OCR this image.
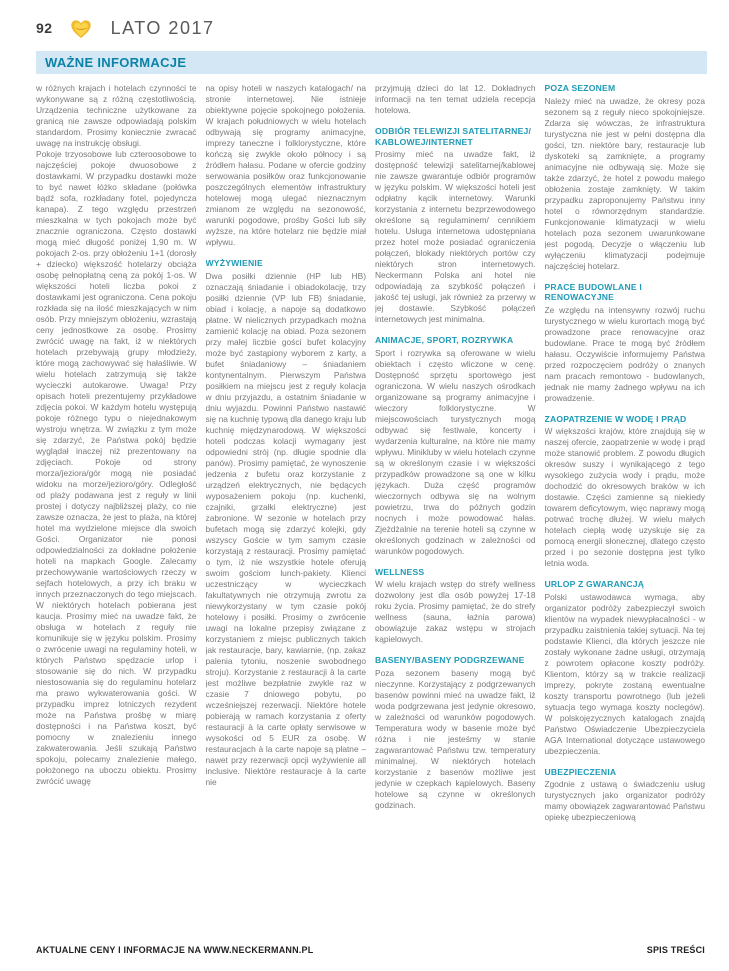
92	LATO 2017
WAŻNE INFORMACJE

w różnych krajach i hotelach czynności te wykonywane są z różną częstotliwością. Urządzenia techniczne użytkowane za granicą nie zawsze odpowiadają polskim standardom. Prosimy koniecznie zwracać uwagę na instrukcję obsługi.

Pokoje trzyosobowe lub czteroosobowe to najczęściej pokoje dwuosobowe z dostawkami. W przypadku dostawki może to być nawet łóżko składane (połówka bądź sofa, rozkładany fotel, pojedyncza kanapa). Z tego względu przestrzeń mieszkalna w tych pokojach może być znacznie ograniczona. Często dostawki mogą mieć długość poniżej 1,90 m. W pokojach 2-os. przy obłożeniu 1+1 (dorosły + dziecko) większość hotelarzy obciąża osobę pełnopłatną ceną za pokój 1-os. W większości hoteli liczba pokoi z dostawkami jest ograniczona. Cena pokoju rozkłada się na ilość mieszkających w nim osób. Przy mniejszym obłożeniu, wzrastają ceny jednostkowe za osobę. Prosimy zwrócić uwagę na fakt, iż w niektórych hotelach przebywają grupy młodzieży, które mogą zachowywać się hałaśliwie. W wielu hotelach zatrzymują się także wycieczki autokarowe. Uwaga! Przy opisach hoteli prezentujemy przykładowe zdjęcia pokoi. W każdym hotelu występują pokoje różnego typu o niejednakowym wystroju wnętrza. W związku z tym może się zdarzyć, że Państwa pokój będzie wyglądał inaczej niż prezentowany na zdjęciach. Pokoje od strony morza/jeziora/gór mogą nie posiadać widoku na morze/jezioro/góry. Odległość od plaży podawana jest z reguły w linii prostej i dotyczy najbliższej plaży, co nie zawsze oznacza, że jest to plaża, na której hotel ma wydzielone miejsce dla swoich Gości. Organizator nie ponosi odpowiedzialności za dokładne położenie hoteli na mapkach Google. Zalecamy przechowywanie wartościowych rzeczy w sejfach hotelowych, a przy ich braku w innych przeznaczonych do tego miejscach. W niektórych hotelach pobierana jest kaucja. Prosimy mieć na uwadze fakt, że obsługa w hotelach z reguły nie komunikuje się w języku polskim. Prosimy o zwrócenie uwagi na regulaminy hoteli, w których Państwo spędzacie urlop i stosowanie się do nich. W przypadku niestosowania się do regulaminu hotelarz ma prawo wykwaterowania gości. W przypadku imprez lotniczych rezydent może na Państwa prośbę w miarę dostępności i na Państwa koszt, być pomocny w znalezieniu innego zakwaterowania. Jeśli szukają Państwo spokoju, polecamy znalezienie małego, położonego na uboczu obiektu. Prosimy zwrócić uwagę

na opisy hoteli w naszych katalogach/ na stronie internetowej. Nie istnieje obiektywne pojęcie spokojnego położenia. W krajach południowych w wielu hotelach odbywają się programy animacyjne, imprezy taneczne i folklorystyczne, które kończą się zwykle około północy i są źródłem hałasu. Podane w ofercie godziny serwowania posiłków oraz funkcjonowanie poszczególnych elementów infrastruktury hotelowej mogą ulegać nieznacznym zmianom ze względu na sezonowość, warunki pogodowe, prośby Gości lub siły wyższe, na które hotelarz nie będzie miał wpływu.

WYŻYWIENIE

Dwa posiłki dziennie (HP lub HB) oznaczają śniadanie i obiadokolację, trzy posiłki dziennie (VP lub FB) śniadanie, obiad i kolację, a napoje są dodatkowo płatne. W nielicznych przypadkach można zamienić kolację na obiad. Poza sezonem przy małej liczbie gości bufet kolacyjny może być zastąpiony wyborem z karty, a bufet śniadaniowy – śniadaniem kontynentalnym. Pierwszym Państwa posiłkiem na miejscu jest z reguły kolacja w dniu przyjazdu, a ostatnim śniadanie w dniu wyjazdu. Powinni Państwo nastawić się na kuchnię typową dla danego kraju lub kuchnię międzynarodową. W większości hoteli podczas kolacji wymagany jest odpowiedni strój (np. długie spodnie dla panów). Prosimy pamiętać, że wynoszenie jedzenia z bufetu oraz korzystanie z urządzeń elektrycznych, nie będących wyposażeniem pokoju (np. kuchenki, czajniki, grzałki elektryczne) jest zabronione. W sezonie w hotelach przy bufetach mogą się zdarzyć kolejki, gdy wszyscy Goście w tym samym czasie korzystają z restauracji. Prosimy pamiętać o tym, iż nie wszystkie hotele oferują swoim gościom lunch-pakiety. Klienci uczestniczący w wycieczkach fakultatywnych nie otrzymują zwrotu za niewykorzystany w tym czasie pokój hotelowy i posiłki. Prosimy o zwrócenie uwagi na lokalne przepisy związane z korzystaniem z miejsc publicznych takich jak restauracje, bary, kawiarnie, (np. zakaz palenia tytoniu, noszenie swobodnego stroju). Korzystanie z restauracji à la carte jest możliwe bezpłatnie zwykle raz w czasie 7 dniowego pobytu, po wcześniejszej rezerwacji. Niektóre hotele pobierają w ramach korzystania z oferty restauracji à la carte opłaty serwisowe w wysokości od 5 EUR za osobę. W restauracjach à la carte napoje są płatne – nawet przy rezerwacji opcji wyżywienie all inclusive. Niektóre restauracje à la carte nie

przyjmują dzieci do lat 12. Dokładnych informacji na ten temat udziela recepcja hotelowa.

ODBIÓR TELEWIZJI SATELITARNEJ/ KABLOWEJ/INTERNET

Prosimy mieć na uwadze fakt, iż dostępność telewizji satelitarnej/kablowej nie zawsze gwarantuje odbiór programów w języku polskim. W większości hoteli jest odpłatny kącik internetowy. Warunki korzystania z internetu bezprzewodowego określone są regulaminem/ cennikiem hotelu. Usługa internetowa udostępniana przez hotel może posiadać ograniczenia połączeń, blokady niektórych portów czy niektórych stron internetowych. Neckermann Polska ani hotel nie odpowiadają za szybkość połączeń i jakość tej usługi, jak również za przerwy w jej dostawie. Szybkość połączeń internetowych jest minimalna.

ANIMACJE, SPORT, ROZRYWKA

Sport i rozrywka są oferowane w wielu obiektach i często wliczone w cenę. Dostępność sprzętu sportowego jest ograniczona. W wielu naszych ośrodkach organizowane są programy animacyjne i wieczory folklorystyczne. W miejscowościach turystycznych mogą odbywać się festiwale, koncerty i wydarzenia kulturalne, na które nie mamy wpływu. Minikluby w wielu hotelach czynne są w określonym czasie i w większości przypadków prowadzone są one w kilku językach. Duża część programów wieczornych odbywa się na wolnym powietrzu, trwa do późnych godzin nocnych i może powodować hałas. Zjeżdżalnie na terenie hoteli są czynne w określonych godzinach w zależności od warunków pogodowych.

WELLNESS

W wielu krajach wstęp do strefy wellness dozwolony jest dla osób powyżej 17-18 roku życia. Prosimy pamiętać, że do strefy wellness (sauna, łaźnia parowa) obowiązuje zakaz wstępu w strojach kąpielowych.

BASENY/BASENY PODGRZEWANE

Poza sezonem baseny mogą być nieczynne. Korzystający z podgrzewanych basenów powinni mieć na uwadze fakt, iż woda podgrzewana jest jedynie okresowo, w zależności od warunków pogodowych. Temperatura wody w basenie może być różna i nie jesteśmy w stanie zagwarantować Państwu tzw. temperatury minimalnej. W niektórych hotelach korzystanie z basenów możliwe jest jedynie w czepkach kąpielowych. Baseny hotelowe są czynne w określonych godzinach.

POZA SEZONEM

Należy mieć na uwadze, że okresy poza sezonem są z reguły nieco spokojniejsze. Zdarza się wówczas, że infrastruktura turystyczna nie jest w pełni dostępna dla gości, tzn. niektóre bary, restauracje lub dyskoteki są zamknięte, a programy animacyjne nie odbywają się. Może się także zdarzyć, że hotel z powodu małego obłożenia zostaje zamknięty. W takim przypadku zaproponujemy Państwu inny hotel o równorzędnym standardzie. Funkcjonowanie klimatyzacji w wielu hotelach poza sezonem uwarunkowane jest pogodą. Decyzje o włączeniu lub wyłączeniu klimatyzacji podejmuje najczęściej hotelarz.

PRACE BUDOWLANE I RENOWACYJNE

Ze względu na intensywny rozwój ruchu turystycznego w wielu kurortach mogą być prowadzone prace renowacyjne oraz budowlane. Prace te mogą być źródłem hałasu. Oczywiście informujemy Państwa przed rozpoczęciem podróży o znanych nam pracach remontowo - budowlanych, jednak nie mamy żadnego wpływu na ich prowadzenie.

ZAOPATRZENIE W WODĘ I PRĄD

W większości krajów, które znajdują się w naszej ofercie, zaopatrzenie w wodę i prąd może stanowić problem. Z powodu długich okresów suszy i wynikającego z tego wysokiego zużycia wody i prądu, może dochodzić do okresowych braków w ich dostawie. Części zamienne są niekiedy towarem deficytowym, więc naprawy mogą potrwać trochę dłużej. W wielu małych hotelach ciepłą wodę uzyskuje się za pomocą energii słonecznej, dlatego często przed i po sezonie dostępna jest tylko letnia woda.

URLOP Z GWARANCJĄ

Polski ustawodawca wymaga, aby organizator podróży zabezpieczył swoich klientów na wypadek niewypłacalności - w przypadku zaistnienia takiej sytuacji. Na tej podstawie Klienci, dla których jeszcze nie zostały wykonane żadne usługi, otrzymają z powrotem opłacone koszty podróży. Klientom, którzy są w trakcie realizacji imprezy, pokryte zostaną ewentualne koszty transportu powrotnego (lub jeżeli sytuacja tego wymaga koszty noclegów). W polskojęzycznych katalogach znajdą Państwo Oświadczenie Ubezpieczyciela AGA International dotyczące ustawowego ubezpieczenia.

UBEZPIECZENIA

Zgodnie z ustawą o świadczeniu usług turystycznych jako organizator podróży mamy obowiązek zagwarantować Państwu opiekę ubezpieczeniową

AKTUALNE CENY I INFORMACJE NA WWW.NECKERMANN.PL	SPIS TREŚCI
